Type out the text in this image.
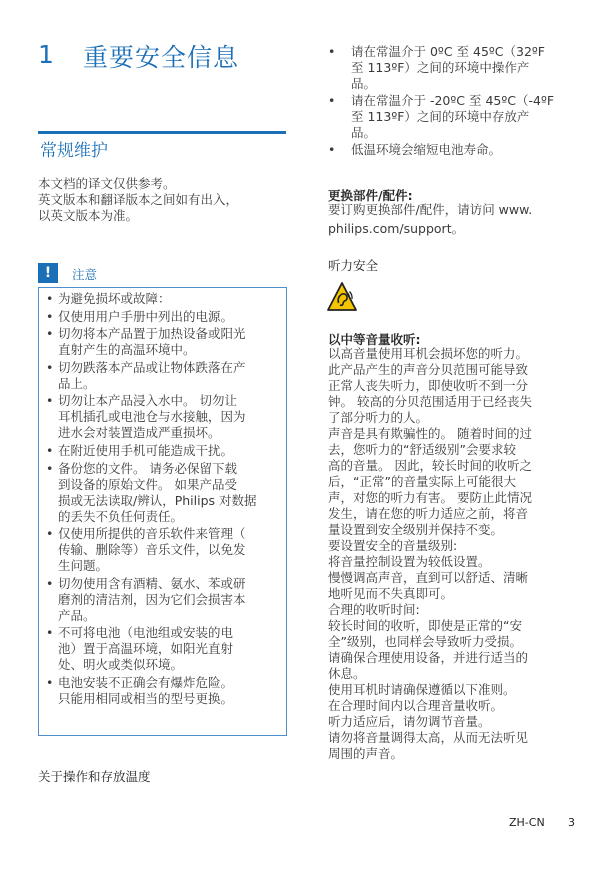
1 重要安全信息
常规维护
本文档的译文仅供参考。
英文版本和翻译版本之间如有出入，
以英文版本为准。
!	注意
• 为避免损坏或故障：
• 仅使用用户手册中列出的电源。
• 切勿将本产品置于加热设备或阳光
直射产生的高温环境中。
• 切勿跌落本产品或让物体跌落在产
品上。
• 切勿让本产品浸入水中。 切勿让
耳机插孔或电池仓与水接触，因为
进水会对装置造成严重损坏。
• 在附近使用手机可能造成干扰。
• 备份您的文件。 请务必保留下载
到设备的原始文件。 如果产品受
损或无法读取/辨认，Philips 对数据
的丢失不负任何责任。
• 仅使用所提供的音乐软件来管理（
传输、删除等）音乐文件，以免发
生问题。
• 切勿使用含有酒精、氨水、苯或研
磨剂的清洁剂，因为它们会损害本
产品。
• 不可将电池（电池组或安装的电
池）置于高温环境，如阳光直射
处、明火或类似环境。
• 电池安装不正确会有爆炸危险。
只能用相同或相当的型号更换。
关于操作和存放温度
• 请在常温介于 0ºC 至 45ºC（32ºF
至 113ºF）之间的环境中操作产
品。
• 请在常温介于 -20ºC 至 45ºC（-4ºF
至 113ºF）之间的环境中存放产
品。
• 低温环境会缩短电池寿命。
更换部件/配件:
要订购更换部件/配件，请访问 www.
philips.com/support。
听力安全
以中等音量收听:
以高音量使用耳机会损坏您的听力。
此产品产生的声音分贝范围可能导致
正常人丧失听力，即使收听不到一分
钟。 较高的分贝范围适用于已经丧失
了部分听力的人。
声音是具有欺骗性的。 随着时间的过
去，您听力的“舒适级别”会要求较
高的音量。 因此，较长时间的收听之
后，“正常”的音量实际上可能很大
声，对您的听力有害。 要防止此情况
发生，请在您的听力适应之前，将音
量设置到安全级别并保持不变。
要设置安全的音量级别:
将音量控制设置为较低设置。
慢慢调高声音，直到可以舒适、清晰
地听见而不失真即可。
合理的收听时间:
较长时间的收听，即使是正常的“安
全”级别，也同样会导致听力受损。
请确保合理使用设备，并进行适当的
休息。
使用耳机时请确保遵循以下准则。
在合理时间内以合理音量收听。
听力适应后，请勿调节音量。
请勿将音量调得太高，从而无法听见
周围的声音。
ZH-CN 3
